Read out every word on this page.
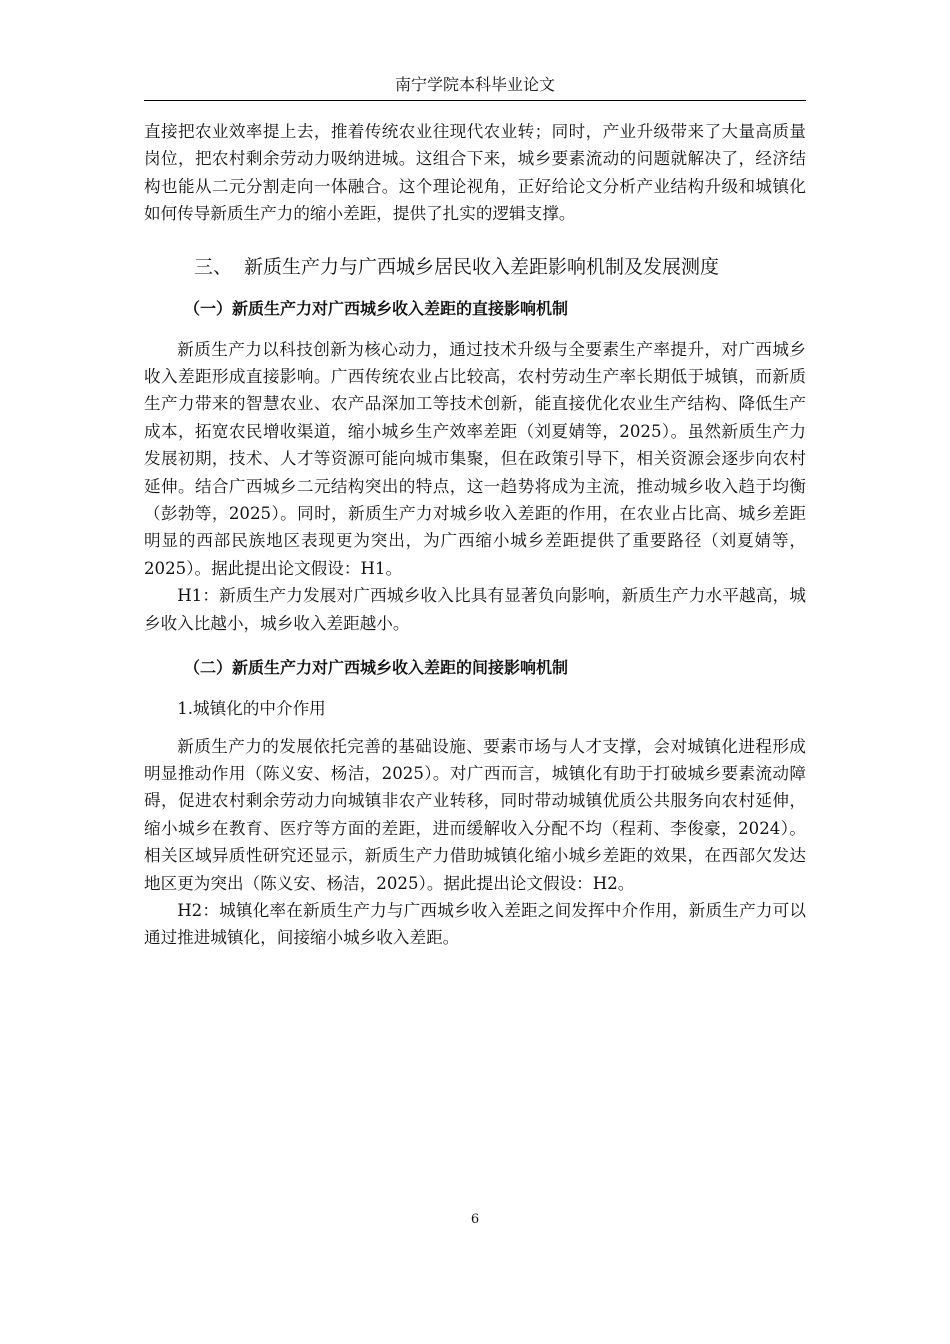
南宁学院本科毕业论文

直接把农业效率提上去，推着传统农业往现代农业转；同时，产业升级带来了大量高质量岗位，把农村剩余劳动力吸纳进城。这组合下来，城乡要素流动的问题就解决了，经济结构也能从二元分割走向一体融合。这个理论视角，正好给论文分析产业结构升级和城镇化如何传导新质生产力的缩小差距，提供了扎实的逻辑支撑。

三、 新质生产力与广西城乡居民收入差距影响机制及发展测度
（一）新质生产力对广西城乡收入差距的直接影响机制

新质生产力以科技创新为核心动力，通过技术升级与全要素生产率提升，对广西城乡收入差距形成直接影响。广西传统农业占比较高，农村劳动生产率长期低于城镇，而新质生产力带来的智慧农业、农产品深加工等技术创新，能直接优化农业生产结构、降低生产成本，拓宽农民增收渠道，缩小城乡生产效率差距（刘夏婧等，2025）。虽然新质生产力发展初期，技术、人才等资源可能向城市集聚，但在政策引导下，相关资源会逐步向农村延伸。结合广西城乡二元结构突出的特点，这一趋势将成为主流，推动城乡收入趋于均衡（彭勃等，2025）。同时，新质生产力对城乡收入差距的作用，在农业占比高、城乡差距明显的西部民族地区表现更为突出，为广西缩小城乡差距提供了重要路径（刘夏婧等，2025）。据此提出论文假设：H1。

H1：新质生产力发展对广西城乡收入比具有显著负向影响，新质生产力水平越高，城乡收入比越小，城乡收入差距越小。

（二）新质生产力对广西城乡收入差距的间接影响机制

1.城镇化的中介作用

新质生产力的发展依托完善的基础设施、要素市场与人才支撑，会对城镇化进程形成明显推动作用（陈义安、杨洁，2025）。对广西而言，城镇化有助于打破城乡要素流动障碍，促进农村剩余劳动力向城镇非农产业转移，同时带动城镇优质公共服务向农村延伸，缩小城乡在教育、医疗等方面的差距，进而缓解收入分配不均（程莉、李俊豪，2024）。相关区域异质性研究还显示，新质生产力借助城镇化缩小城乡差距的效果，在西部欠发达地区更为突出（陈义安、杨洁，2025）。据此提出论文假设：H2。

H2：城镇化率在新质生产力与广西城乡收入差距之间发挥中介作用，新质生产力可以通过推进城镇化，间接缩小城乡收入差距。

6
